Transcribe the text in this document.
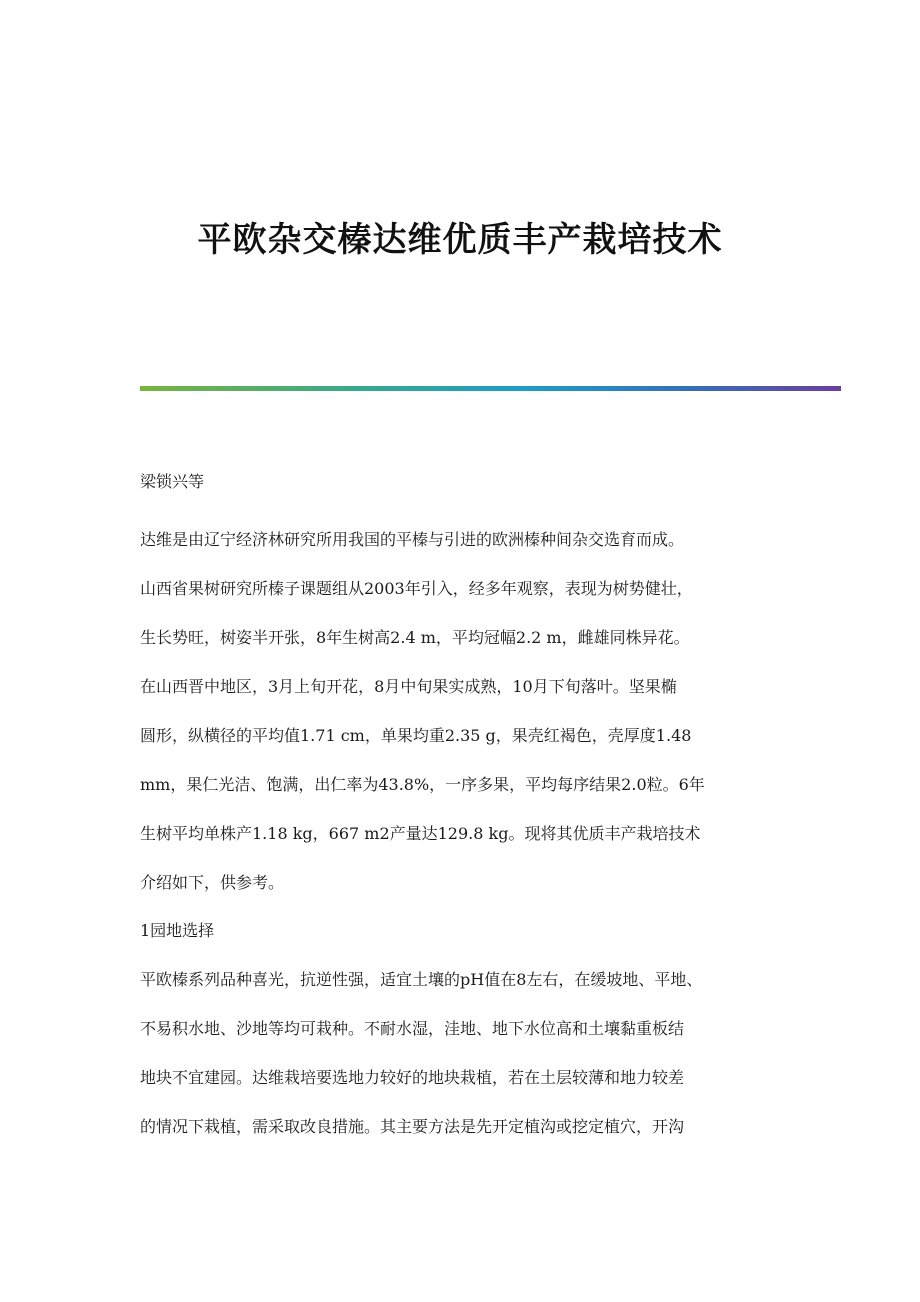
平欧杂交榛达维优质丰产栽培技术

梁锁兴等

达维是由辽宁经济林研究所用我国的平榛与引进的欧洲榛种间杂交选育而成。
山西省果树研究所榛子课题组从2003年引入，经多年观察，表现为树势健壮，
生长势旺，树姿半开张，8年生树高2.4 m，平均冠幅2.2 m，雌雄同株异花。
在山西晋中地区，3月上旬开花，8月中旬果实成熟，10月下旬落叶。坚果椭
圆形，纵横径的平均值1.71 cm，单果均重2.35 g，果壳红褐色，壳厚度1.48
mm，果仁光洁、饱满，出仁率为43.8%，一序多果，平均每序结果2.0粒。6年
生树平均单株产1.18 kg，667 m2产量达129.8 kg。现将其优质丰产栽培技术
介绍如下，供参考。

1园地选择

平欧榛系列品种喜光，抗逆性强，适宜土壤的pH值在8左右，在缓坡地、平地、
不易积水地、沙地等均可栽种。不耐水湿，洼地、地下水位高和土壤黏重板结
地块不宜建园。达维栽培要选地力较好的地块栽植，若在土层较薄和地力较差
的情况下栽植，需采取改良措施。其主要方法是先开定植沟或挖定植穴，开沟
